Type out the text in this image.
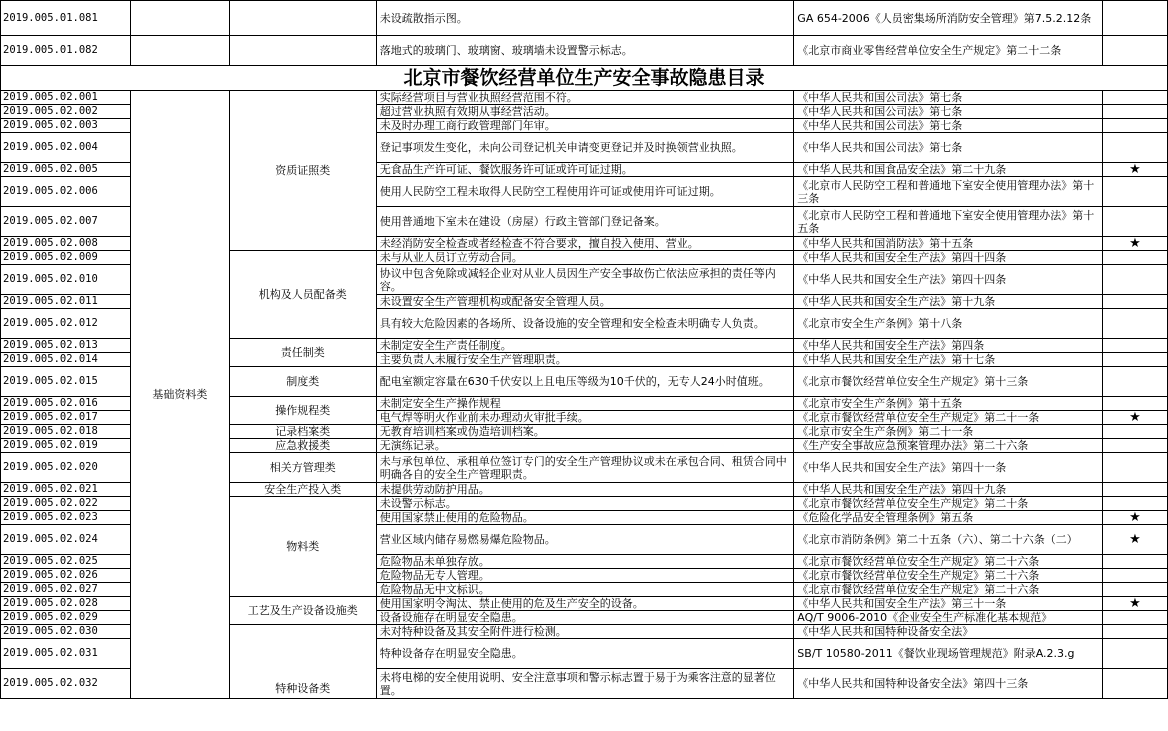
2019.005.01.081			未设疏散指示图。	GA 654-2006《人员密集场所消防安全管理》第7.5.2.12条	
2019.005.01.082			落地式的玻璃门、玻璃窗、玻璃墙未设置警示标志。	《北京市商业零售经营单位安全生产规定》第二十二条	
北京市餐饮经营单位生产安全事故隐患目录					
2019.005.02.001	基础资料类	资质证照类	实际经营项目与营业执照经营范围不符。	《中华人民共和国公司法》第七条	
2019.005.02.002			超过营业执照有效期从事经营活动。	《中华人民共和国公司法》第七条	
2019.005.02.003			未及时办理工商行政管理部门年审。	《中华人民共和国公司法》第七条	
2019.005.02.004			登记事项发生变化，未向公司登记机关申请变更登记并及时换领营业执照。	《中华人民共和国公司法》第七条	
2019.005.02.005			无食品生产许可证、餐饮服务许可证或许可证过期。	《中华人民共和国食品安全法》第二十九条	★
2019.005.02.006			使用人民防空工程未取得人民防空工程使用许可证或使用许可证过期。	《北京市人民防空工程和普通地下室安全使用管理办法》第十三条	
2019.005.02.007			使用普通地下室未在建设（房屋）行政主管部门登记备案。	《北京市人民防空工程和普通地下室安全使用管理办法》第十五条	
2019.005.02.008			未经消防安全检查或者经检查不符合要求，擅自投入使用、营业。	《中华人民共和国消防法》第十五条	★
2019.005.02.009		机构及人员配备类	未与从业人员订立劳动合同。	《中华人民共和国安全生产法》第四十四条	
2019.005.02.010			协议中包含免除或减轻企业对从业人员因生产安全事故伤亡依法应承担的责任等内容。	《中华人民共和国安全生产法》第四十四条	
2019.005.02.011			未设置安全生产管理机构或配备安全管理人员。	《中华人民共和国安全生产法》第十九条	
2019.005.02.012			具有较大危险因素的各场所、设备设施的安全管理和安全检查未明确专人负责。	《北京市安全生产条例》第十八条	
2019.005.02.013		责任制类	未制定安全生产责任制度。	《中华人民共和国安全生产法》第四条	
2019.005.02.014			主要负责人未履行安全生产管理职责。	《中华人民共和国安全生产法》第十七条	
2019.005.02.015		制度类	配电室额定容量在630千伏安以上且电压等级为10千伏的，无专人24小时值班。	《北京市餐饮经营单位安全生产规定》第十三条	
2019.005.02.016		操作规程类	未制定安全生产操作规程	《北京市安全生产条例》第十五条	
2019.005.02.017			电气焊等明火作业前未办理动火审批手续。	《北京市餐饮经营单位安全生产规定》第二十一条	★
2019.005.02.018		记录档案类	无教育培训档案或伪造培训档案。	《北京市安全生产条例》第二十一条	
2019.005.02.019		应急救援类	无演练记录。	《生产安全事故应急预案管理办法》第二十六条	
2019.005.02.020		相关方管理类	未与承包单位、承租单位签订专门的安全生产管理协议或未在承包合同、租赁合同中明确各自的安全生产管理职责。	《中华人民共和国安全生产法》第四十一条	
2019.005.02.021		安全生产投入类	未提供劳动防护用品。	《中华人民共和国安全生产法》第四十九条	
2019.005.02.022		物料类	未设警示标志。	《北京市餐饮经营单位安全生产规定》第二十条	
2019.005.02.023			使用国家禁止使用的危险物品。	《危险化学品安全管理条例》第五条	★
2019.005.02.024			营业区域内储存易燃易爆危险物品。	《北京市消防条例》第二十五条（六）、第二十六条（二）	★
2019.005.02.025			危险物品未单独存放。	《北京市餐饮经营单位安全生产规定》第二十六条	
2019.005.02.026			危险物品无专人管理。	《北京市餐饮经营单位安全生产规定》第二十六条	
2019.005.02.027			危险物品无中文标识。	《北京市餐饮经营单位安全生产规定》第二十六条	
2019.005.02.028		工艺及生产设备设施类	使用国家明令淘汰、禁止使用的危及生产安全的设备。	《中华人民共和国安全生产法》第三十一条	★
2019.005.02.029			设备设施存在明显安全隐患。	AQ/T 9006-2010《企业安全生产标准化基本规范》	
2019.005.02.030		特种设备类	未对特种设备及其安全附件进行检测。	《中华人民共和国特种设备安全法》	
2019.005.02.031			特种设备存在明显安全隐患。	SB/T 10580-2011《餐饮业现场管理规范》附录A.2.3.g	
2019.005.02.032			未将电梯的安全使用说明、安全注意事项和警示标志置于易于为乘客注意的显著位置。	《中华人民共和国特种设备安全法》第四十三条	
